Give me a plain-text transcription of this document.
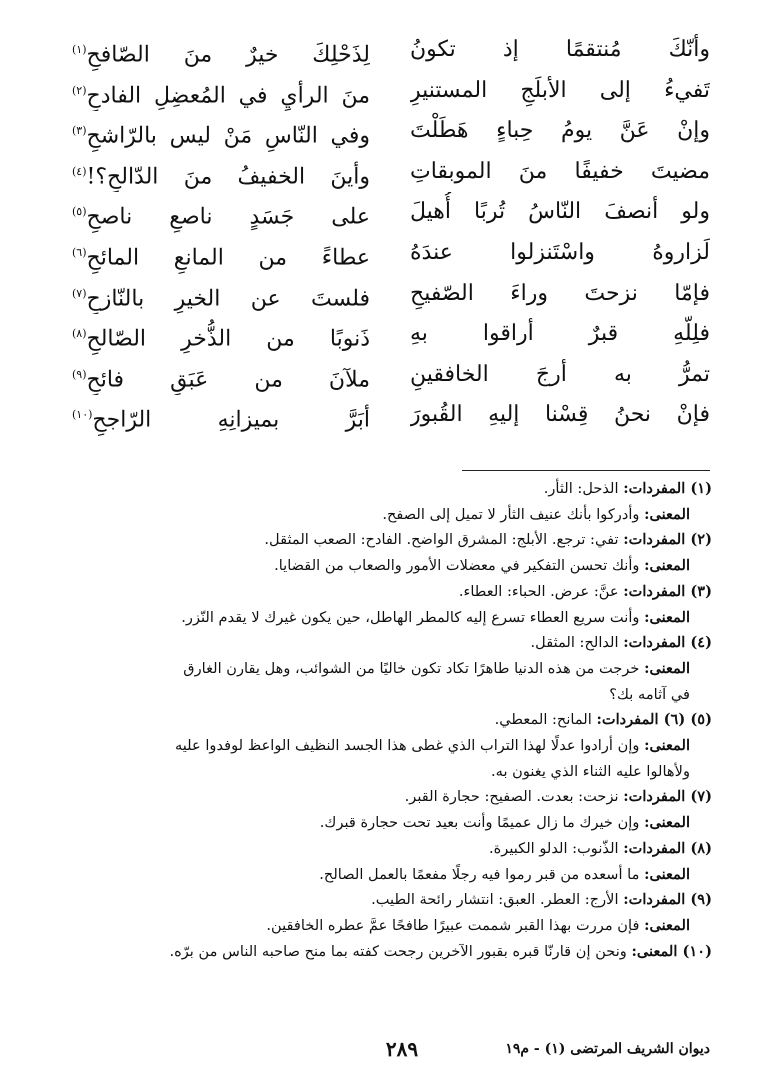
وأنّكَ مُنتقمًا إذ تكونُ
لِذَحْلِكَ خيرٌ منَ الصّافحِ$^{(١)}$
تَفيءُ إلى الأبلَجِ المستنيرِ
منَ الرأيِ في المُعضِلِ الفادحِ$^{(٢)}$
وإنْ عَنَّ يومُ حِباءٍ هَطَلْتَ
وفي النّاسِ مَنْ ليس بالرّاشحِ$^{(٣)}$
مضيتَ خفيفًا منَ الموبقاتِ
وأينَ الخفيفُ منَ الدّالحِ؟!$^{(٤)}$
ولو أنصفَ النّاسُ تُربًا أُهيلَ
على جَسَدٍ ناصعٍ ناصحِ$^{(٥)}$
لَزاروهُ واسْتَنزلوا عندَهُ
عطاءً من المانعِ المائحِ$^{(٦)}$
فإمّا نزحتَ وراءَ الصّفيحِ
فلستَ عن الخيرِ بالنّازحِ$^{(٧)}$
فلِلّهِ قبرٌ أراقوا بهِ
ذَنوبًا من الذُّخرِ الصّالحِ$^{(٨)}$
تمرُّ به أرجَ الخافقينِ
ملآنَ من عَبَقٍ فائحِ$^{(٩)}$
فإنْ نحنُ قِسْنا إليهِ القُبورَ
أبَرَّ بميزانِهِ الرّاجحِ$^{(١٠)}$
(١) المفردات: الذحل: الثأر.
المعنى: وأدركوا بأنك عنيف الثأر لا تميل إلى الصفح.
(٢) المفردات: تفي: ترجع. الأبلج: المشرق الواضح. الفادح: الصعب المثقل.
المعنى: وأنك تحسن التفكير في معضلات الأمور والصعاب من القضايا.
(٣) المفردات: عنَّ: عرض. الحباء: العطاء.
المعنى: وأنت سريع العطاء تسرع إليه كالمطر الهاطل، حين يكون غيرك لا يقدم النّزر.
(٤) المفردات: الدالح: المثقل.
المعنى: خرجت من هذه الدنيا طاهرًا تكاد تكون خاليًا من الشوائب، وهل يقارن الغارق
في آثامه بك؟
(٥) (٦) المفردات: المانح: المعطي.
المعنى: وإن أرادوا عدلًا لهذا التراب الذي غطى هذا الجسد النظيف الواعظ لوفدوا عليه
ولأهالوا عليه الثناء الذي يغنون به.
(٧) المفردات: نزحت: بعدت. الصفيح: حجارة القبر.
المعنى: وإن خيرك ما زال عميمًا وأنت بعيد تحت حجارة قبرك.
(٨) المفردات: الذّنوب: الدلو الكبيرة.
المعنى: ما أسعده من قبر رموا فيه رجلًا مفعمًا بالعمل الصالح.
(٩) المفردات: الأرج: العطر. العبق: انتشار رائحة الطيب.
المعنى: فإن مررت بهذا القبر شممت عبيرًا طافحًا عمَّ عطره الخافقين.
(١٠) المعنى: ونحن إن قارنّا قبره بقبور الآخرين رجحت كفته بما منح صاحبه الناس من برّه.
ديوان الشريف المرتضى (١) - م١٩
٢٨٩
